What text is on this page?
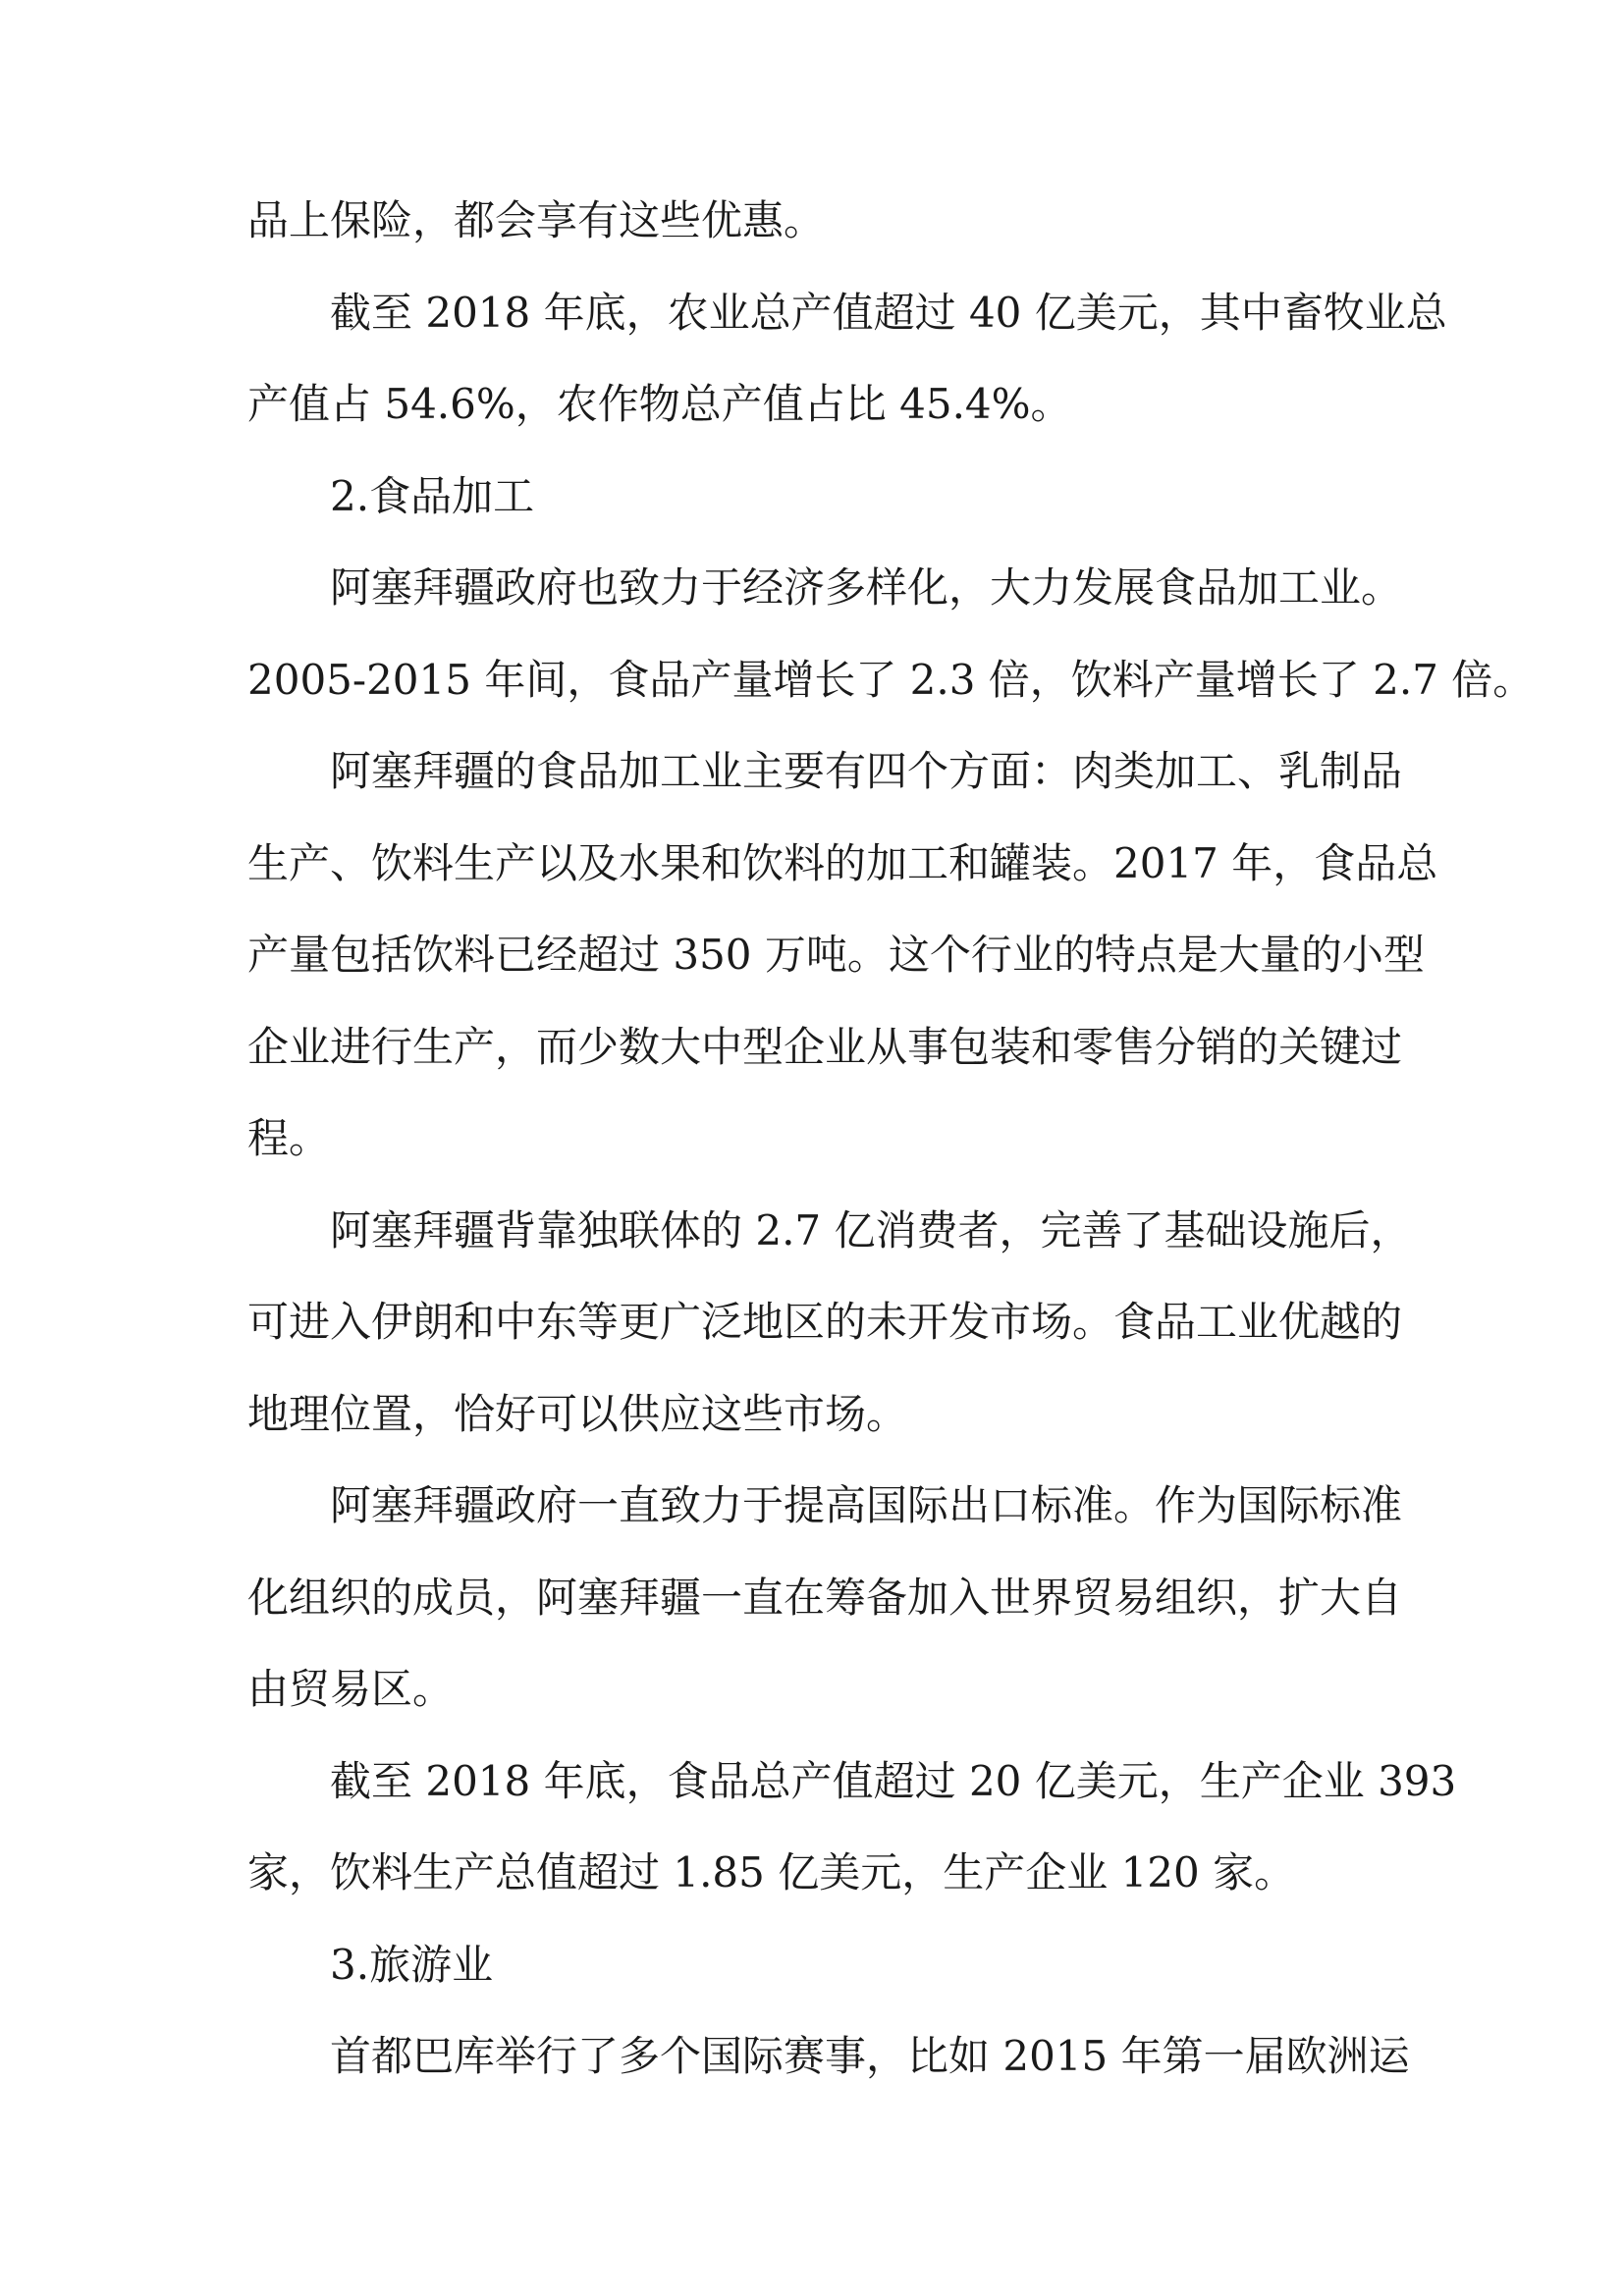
品上保险，都会享有这些优惠。
截至 2018 年底，农业总产值超过 40 亿美元，其中畜牧业总
产值占 54.6%，农作物总产值占比 45.4%。
2.食品加工
阿塞拜疆政府也致力于经济多样化，大力发展食品加工业。
2005-2015 年间，食品产量增长了 2.3 倍，饮料产量增长了 2.7 倍。
阿塞拜疆的食品加工业主要有四个方面：肉类加工、乳制品
生产、饮料生产以及水果和饮料的加工和罐装。2017 年，食品总
产量包括饮料已经超过 350 万吨。这个行业的特点是大量的小型
企业进行生产，而少数大中型企业从事包装和零售分销的关键过
程。
阿塞拜疆背靠独联体的 2.7 亿消费者，完善了基础设施后，
可进入伊朗和中东等更广泛地区的未开发市场。食品工业优越的
地理位置，恰好可以供应这些市场。
阿塞拜疆政府一直致力于提高国际出口标准。作为国际标准
化组织的成员，阿塞拜疆一直在筹备加入世界贸易组织，扩大自
由贸易区。
截至 2018 年底，食品总产值超过 20 亿美元，生产企业 393
家，饮料生产总值超过 1.85 亿美元，生产企业 120 家。
3.旅游业
首都巴库举行了多个国际赛事，比如 2015 年第一届欧洲运
